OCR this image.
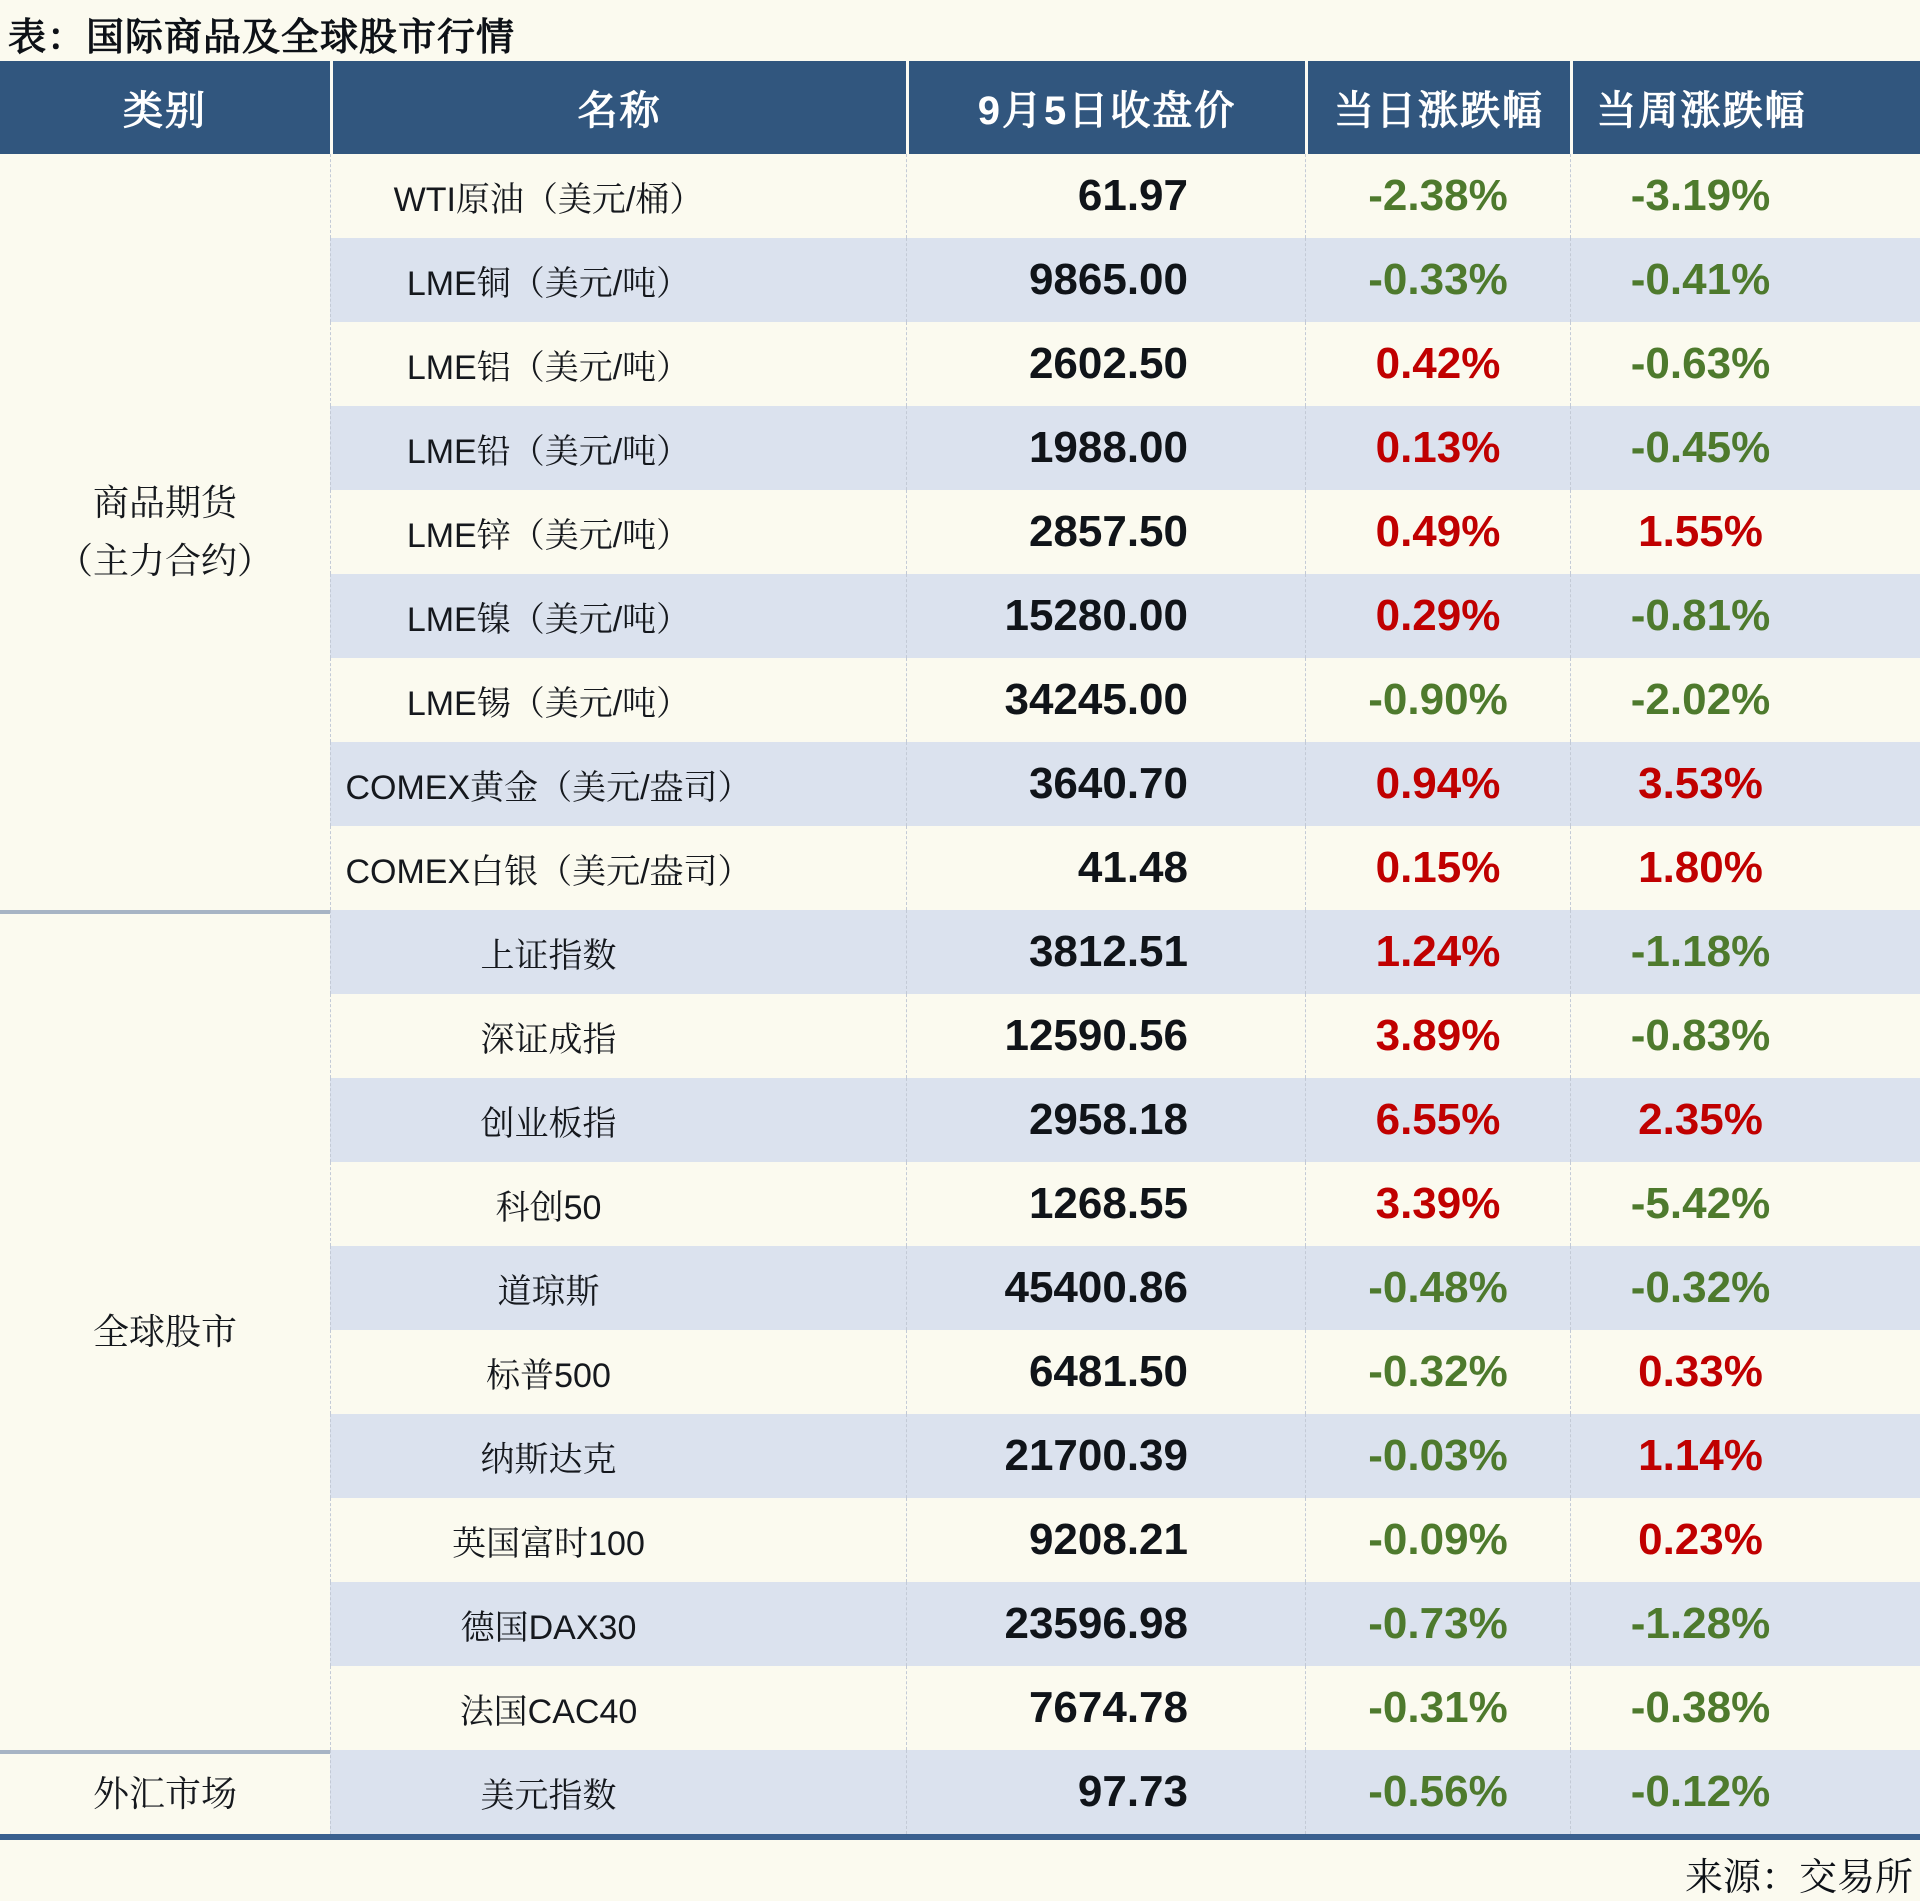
表：国际商品及全球股市行情
类别	名称	9月5日收盘价	当日涨跌幅	当周涨跌幅
商品期货
（主力合约）
WTI原油（美元/桶）	61.97	-2.38%	-3.19%
LME铜（美元/吨）	9865.00	-0.33%	-0.41%
LME铝（美元/吨）	2602.50	0.42%	-0.63%
LME铅（美元/吨）	1988.00	0.13%	-0.45%
LME锌（美元/吨）	2857.50	0.49%	1.55%
LME镍（美元/吨）	15280.00	0.29%	-0.81%
LME锡（美元/吨）	34245.00	-0.90%	-2.02%
COMEX黄金（美元/盎司）	3640.70	0.94%	3.53%
COMEX白银（美元/盎司）	41.48	0.15%	1.80%
全球股市
上证指数	3812.51	1.24%	-1.18%
深证成指	12590.56	3.89%	-0.83%
创业板指	2958.18	6.55%	2.35%
科创50	1268.55	3.39%	-5.42%
道琼斯	45400.86	-0.48%	-0.32%
标普500	6481.50	-0.32%	0.33%
纳斯达克	21700.39	-0.03%	1.14%
英国富时100	9208.21	-0.09%	0.23%
德国DAX30	23596.98	-0.73%	-1.28%
法国CAC40	7674.78	-0.31%	-0.38%
外汇市场	美元指数	97.73	-0.56%	-0.12%
来源：交易所
